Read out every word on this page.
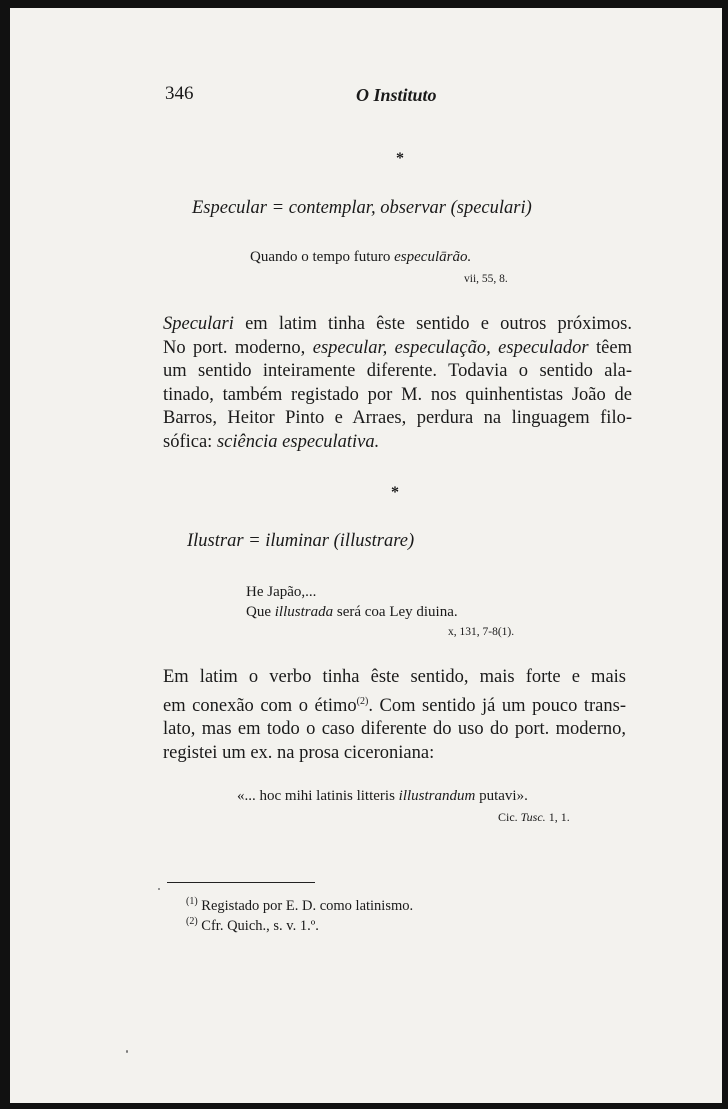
346	O Instituto
*
Especular = contemplar, observar (speculari)
Quando o tempo futuro especulārão.
vii, 55, 8.
Speculari em latim tinha êste sentido e outros próximos.
No port. moderno, especular, especulação, especulador têem
um sentido inteiramente diferente. Todavia o sentido ala-
tinado, também registado por M. nos quinhentistas João de
Barros, Heitor Pinto e Arraes, perdura na linguagem filo-
sófica: sciência especulativa.
*
Ilustrar = iluminar (illustrare)
He Japão,...
Que illustrada será coa Ley diuina.
x, 131, 7-8(1).
Em latim o verbo tinha êste sentido, mais forte e mais
em conexão com o étimo$^{(2)}$. Com sentido já um pouco trans-
lato, mas em todo o caso diferente do uso do port. moderno,
registei um ex. na prosa ciceroniana:
«... hoc mihi latinis litteris illustrandum putavi».
Cic. Tusc. 1, 1.
$^{(1)}$ Registado por E. D. como latinismo.
$^{(2)}$ Cfr. Quich., s. v. 1.º.
